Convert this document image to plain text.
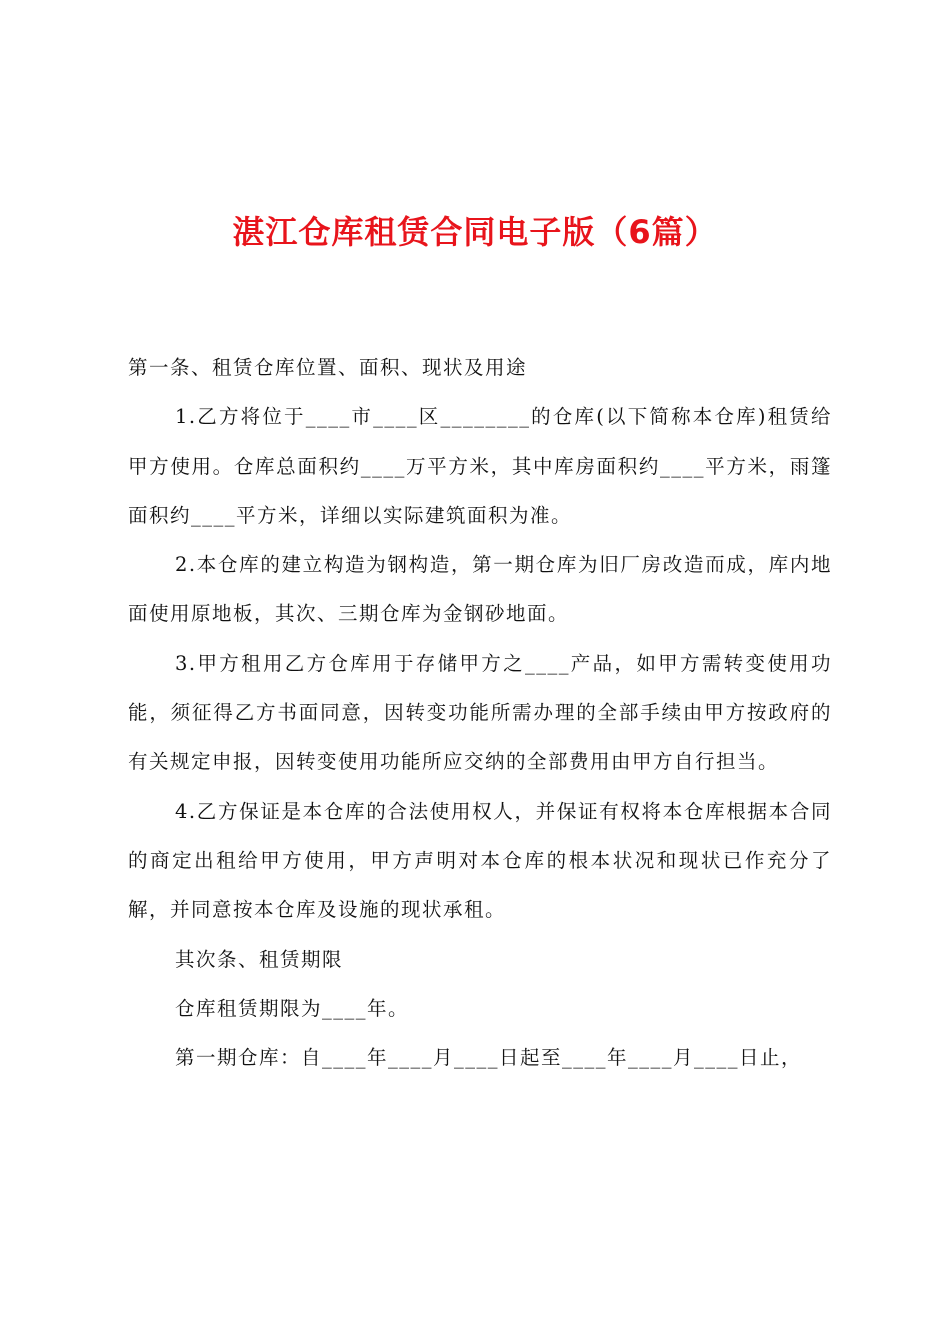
湛江仓库租赁合同电子版（6篇）

第一条、租赁仓库位置、面积、现状及用途

1.乙方将位于____市____区________的仓库(以下简称本仓库)租赁给甲方使用。仓库总面积约____万平方米，其中库房面积约____平方米，雨篷面积约____平方米，详细以实际建筑面积为准。

2.本仓库的建立构造为钢构造，第一期仓库为旧厂房改造而成，库内地面使用原地板，其次、三期仓库为金钢砂地面。

3.甲方租用乙方仓库用于存储甲方之____产品，如甲方需转变使用功能，须征得乙方书面同意，因转变功能所需办理的全部手续由甲方按政府的有关规定申报，因转变使用功能所应交纳的全部费用由甲方自行担当。

4.乙方保证是本仓库的合法使用权人，并保证有权将本仓库根据本合同的商定出租给甲方使用，甲方声明对本仓库的根本状况和现状已作充分了解，并同意按本仓库及设施的现状承租。

其次条、租赁期限

仓库租赁期限为____年。

第一期仓库：自____年____月____日起至____年____月____日止，
